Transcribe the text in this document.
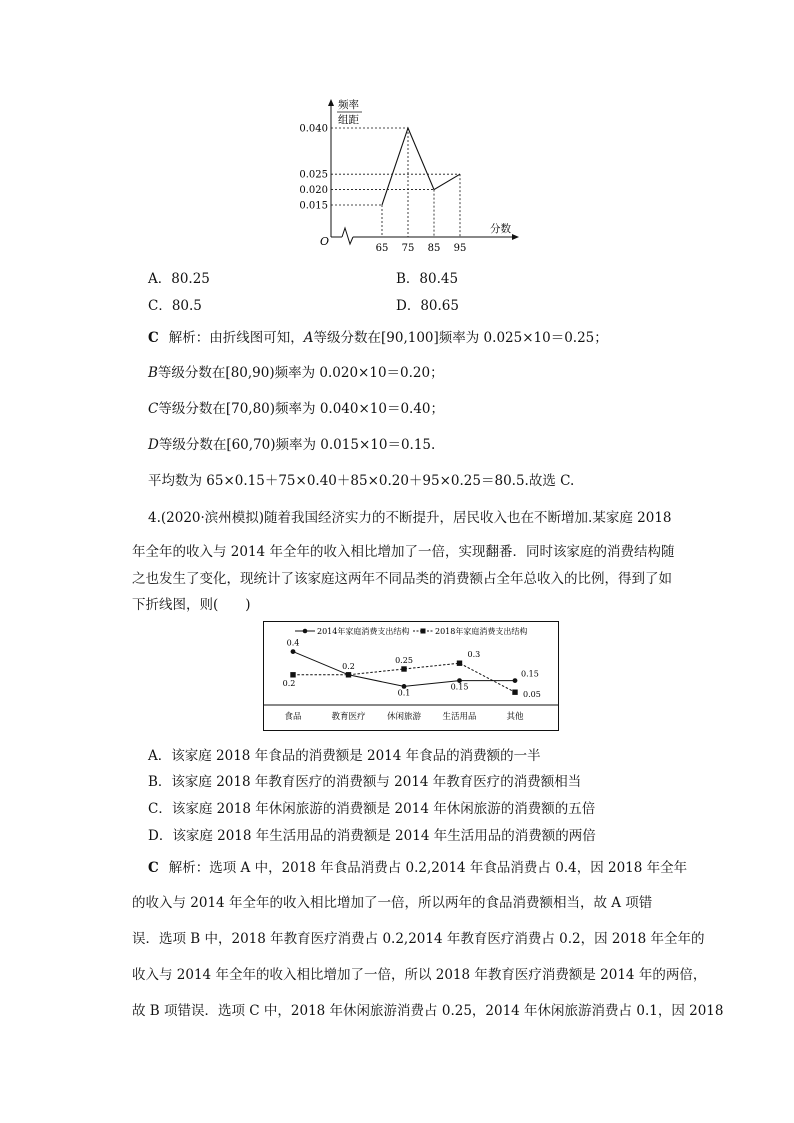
0.040
0.025
0.020
0.015
65 75 85 95
频率
组距
分数
O
A．80.25	B．80.45
C．80.5	D．80.65
C 解析：由折线图可知，A等级分数在[90,100]频率为 0.025×10＝0.25；
B等级分数在[80,90)频率为 0.020×10＝0.20；
C等级分数在[70,80)频率为 0.040×10＝0.40；
D等级分数在[60,70)频率为 0.015×10＝0.15.
平均数为 65×0.15＋75×0.40＋85×0.20＋95×0.25＝80.5.故选 C.
4.(2020·滨州模拟)随着我国经济实力的不断提升，居民收入也在不断增加.某家庭 2018
年全年的收入与 2014 年全年的收入相比增加了一倍，实现翻番．同时该家庭的消费结构随
之也发生了变化，现统计了该家庭这两年不同品类的消费额占全年总收入的比例，得到了如
下折线图，则(　　)
2014年家庭消费支出结构	2018年家庭消费支出结构
食品	教育医疗	休闲旅游	生活用品	其他
0.4
0.2
0.1
0.15
0.15
0.2
0.25
0.3
0.05
A．该家庭 2018 年食品的消费额是 2014 年食品的消费额的一半
B．该家庭 2018 年教育医疗的消费额与 2014 年教育医疗的消费额相当
C．该家庭 2018 年休闲旅游的消费额是 2014 年休闲旅游的消费额的五倍
D．该家庭 2018 年生活用品的消费额是 2014 年生活用品的消费额的两倍
C 解析：选项 A 中，2018 年食品消费占 0.2,2014 年食品消费占 0.4，因 2018 年全年
的收入与 2014 年全年的收入相比增加了一倍，所以两年的食品消费额相当，故 A 项错
误．选项 B 中，2018 年教育医疗消费占 0.2,2014 年教育医疗消费占 0.2，因 2018 年全年的
收入与 2014 年全年的收入相比增加了一倍，所以 2018 年教育医疗消费额是 2014 年的两倍，
故 B 项错误．选项 C 中，2018 年休闲旅游消费占 0.25，2014 年休闲旅游消费占 0.1，因 2018
